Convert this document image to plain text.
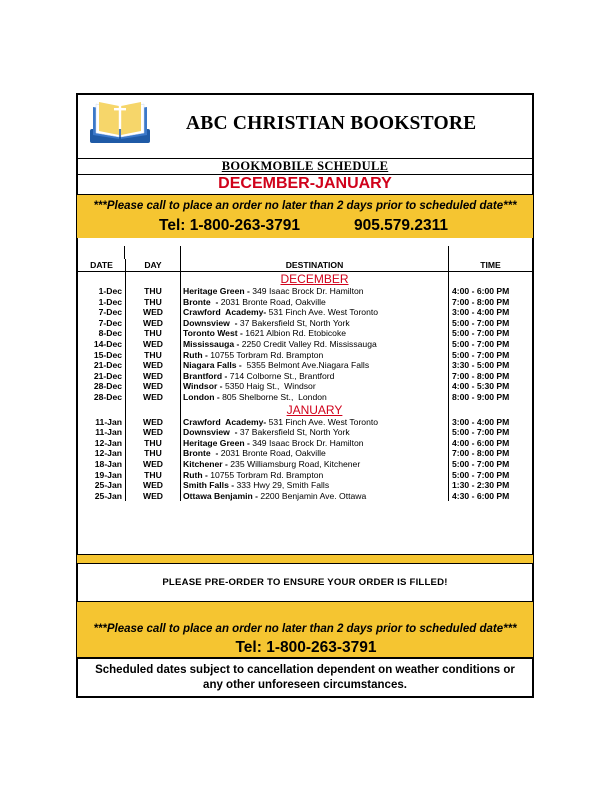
ABC CHRISTIAN BOOKSTORE
BOOKMOBILE SCHEDULE
DECEMBER-JANUARY
***Please call to place an order no later than 2 days prior to scheduled date***
Tel: 1-800-263-3791	905.579.2311
DATE	DAY	DESTINATION	TIME
DECEMBER
1-Dec	THU	Heritage Green - 349 Isaac Brock Dr. Hamilton	4:00 - 6:00 PM
1-Dec	THU	Bronte  - 2031 Bronte Road, Oakville	7:00 - 8:00 PM
7-Dec	WED	Crawford  Academy- 531 Finch Ave. West Toronto	3:00 - 4:00 PM
7-Dec	WED	Downsview  - 37 Bakersfield St, North York	5:00 - 7:00 PM
8-Dec	THU	Toronto West - 1621 Albion Rd. Etobicoke	5:00 - 7:00 PM
14-Dec	WED	Mississauga - 2250 Credit Valley Rd. Mississauga	5:00 - 7:00 PM
15-Dec	THU	Ruth - 10755 Torbram Rd. Brampton	5:00 - 7:00 PM
21-Dec	WED	Niagara Falls -  5355 Belmont Ave.Niagara Falls	3:30 - 5:00 PM
21-Dec	WED	Brantford - 714 Colborne St., Brantford	7:00 - 8:00 PM
28-Dec	WED	Windsor - 5350 Haig St.,  Windsor	4:00 - 5:30 PM
28-Dec	WED	London - 805 Shelborne St.,  London	8:00 - 9:00 PM
JANUARY
11-Jan	WED	Crawford  Academy- 531 Finch Ave. West Toronto	3:00 - 4:00 PM
11-Jan	WED	Downsview  - 37 Bakersfield St, North York	5:00 - 7:00 PM
12-Jan	THU	Heritage Green - 349 Isaac Brock Dr. Hamilton	4:00 - 6:00 PM
12-Jan	THU	Bronte  - 2031 Bronte Road, Oakville	7:00 - 8:00 PM
18-Jan	WED	Kitchener - 235 Williamsburg Road, Kitchener	5:00 - 7:00 PM
19-Jan	THU	Ruth - 10755 Torbram Rd. Brampton	5:00 - 7:00 PM
25-Jan	WED	Smith Falls - 333 Hwy 29, Smith Falls	1:30 - 2:30 PM
25-Jan	WED	Ottawa Benjamin - 2200 Benjamin Ave. Ottawa	4:30 - 6:00 PM
PLEASE PRE-ORDER TO ENSURE YOUR ORDER IS FILLED!
***Please call to place an order no later than 2 days prior to scheduled date***
Tel: 1-800-263-3791
Scheduled dates subject to cancellation dependent on weather conditions or
any other unforeseen circumstances.
